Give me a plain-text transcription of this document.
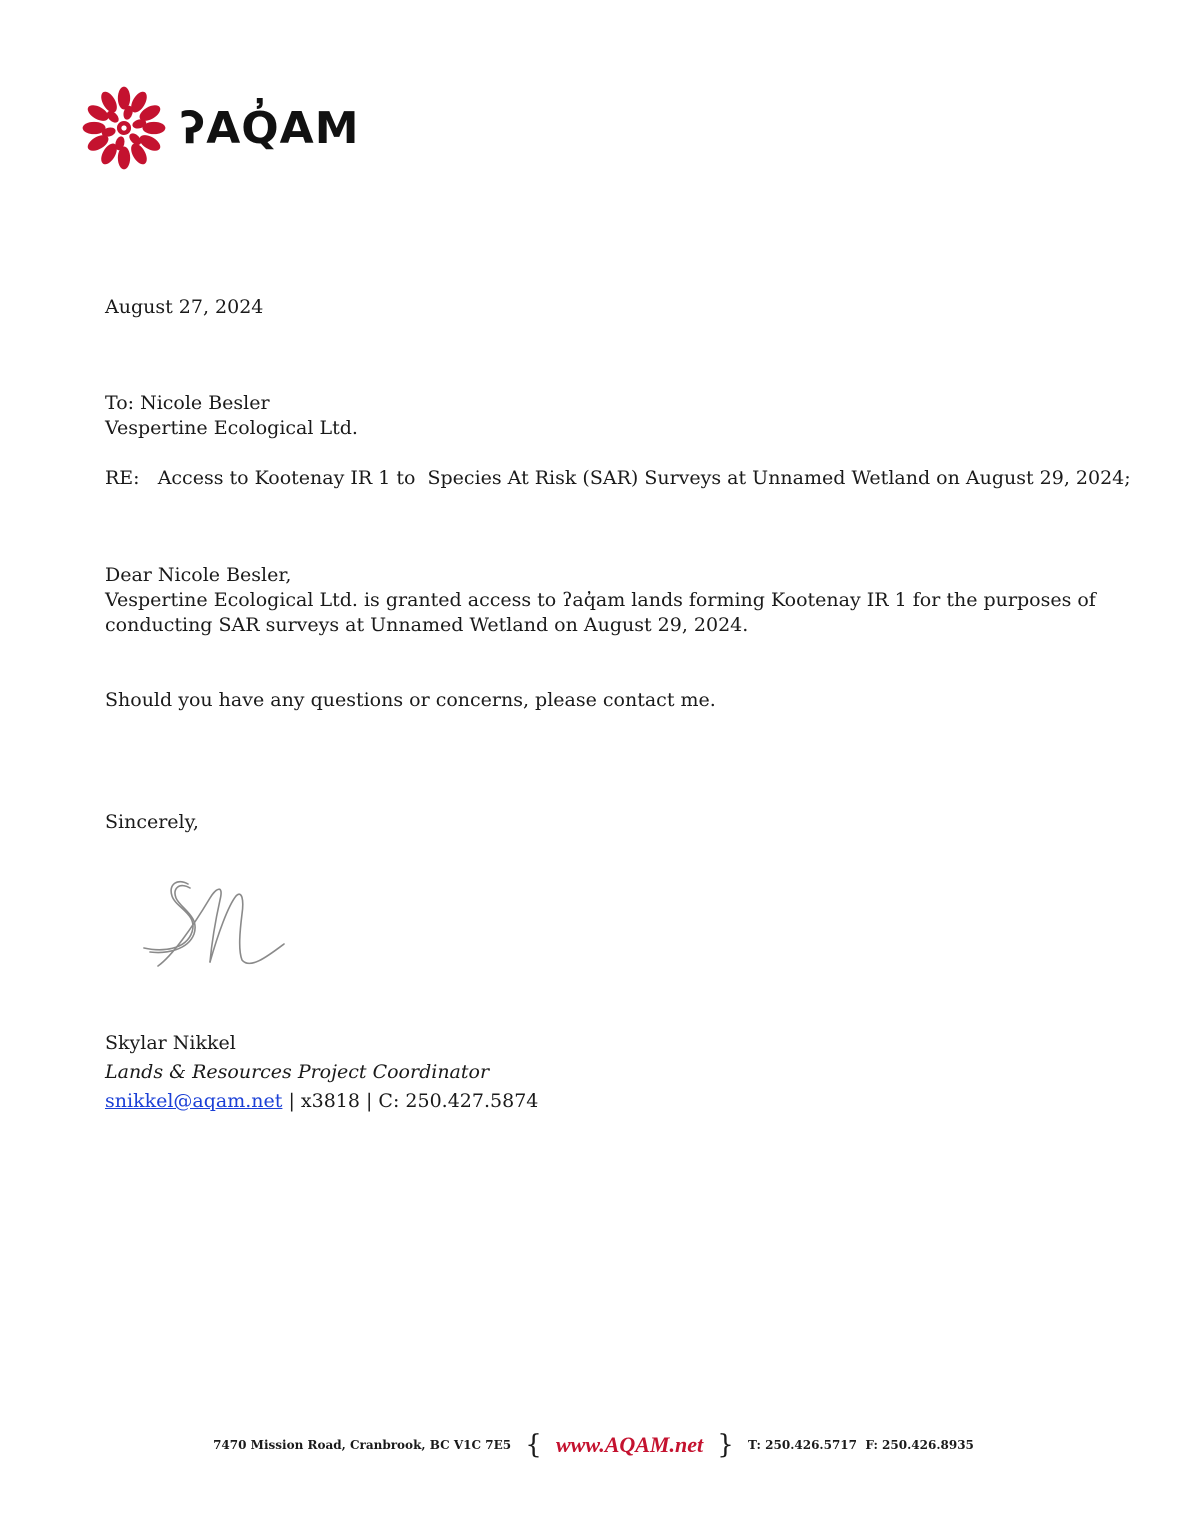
ʔAQ̓AM
August 27, 2024
To: Nicole Besler
Vespertine Ecological Ltd.
RE:   Access to Kootenay IR 1 to  Species At Risk (SAR) Surveys at Unnamed Wetland on August 29, 2024;
Dear Nicole Besler,
Vespertine Ecological Ltd. is granted access to ʔaq̓am lands forming Kootenay IR 1 for the purposes of
conducting SAR surveys at Unnamed Wetland on August 29, 2024.
Should you have any questions or concerns, please contact me.
Sincerely,
Skylar Nikkel
Lands & Resources Project Coordinator
snikkel@aqam.net | x3818 | C: 250.427.5874
7470 Mission Road, Cranbrook, BC V1C 7E5 { www.AQAM.net } T: 250.426.5717  F: 250.426.8935
